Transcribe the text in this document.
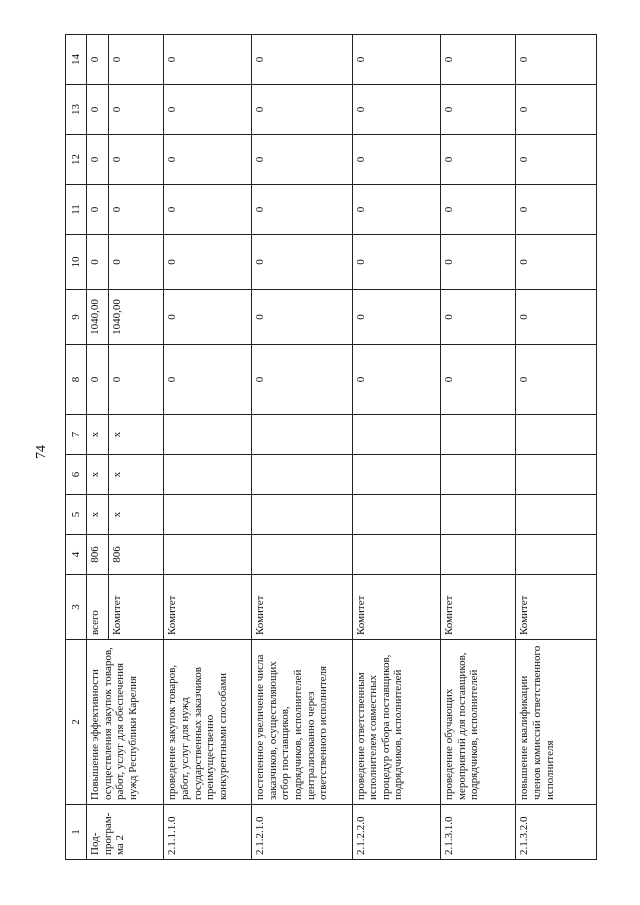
74
1	2	3	4	5	6	7	8	9	10	11	12	13	14
Под-програм-ма 2	Повышение эффективности осуществления закупок товаров, работ, услуг для обеспечения нужд Республики Карелия	всего	806	x	x	x	0	1040,00	0	0	0	0	0
		Комитет	806	x	x	x	0	1040,00	0	0	0	0	0
2.1.1.1.0	проведение закупок товаров, работ, услуг для нужд государственных заказчиков преимущественно конкурентными способами	Комитет					0	0	0	0	0	0	0
2.1.2.1.0	постепенное увеличение числа заказчиков, осуществляющих отбор поставщиков, подрядчиков, исполнителей централизованно через ответственного исполнителя	Комитет					0	0	0	0	0	0	0
2.1.2.2.0	проведение ответственным исполнителем совместных процедур отбора поставщиков, подрядчиков, исполнителей	Комитет					0	0	0	0	0	0	0
2.1.3.1.0	проведение обучающих мероприятий для поставщиков, подрядчиков, исполнителей	Комитет					0	0	0	0	0	0	0
2.1.3.2.0	повышение квалификации членов комиссий ответственного исполнителя	Комитет					0	0	0	0	0	0	0
